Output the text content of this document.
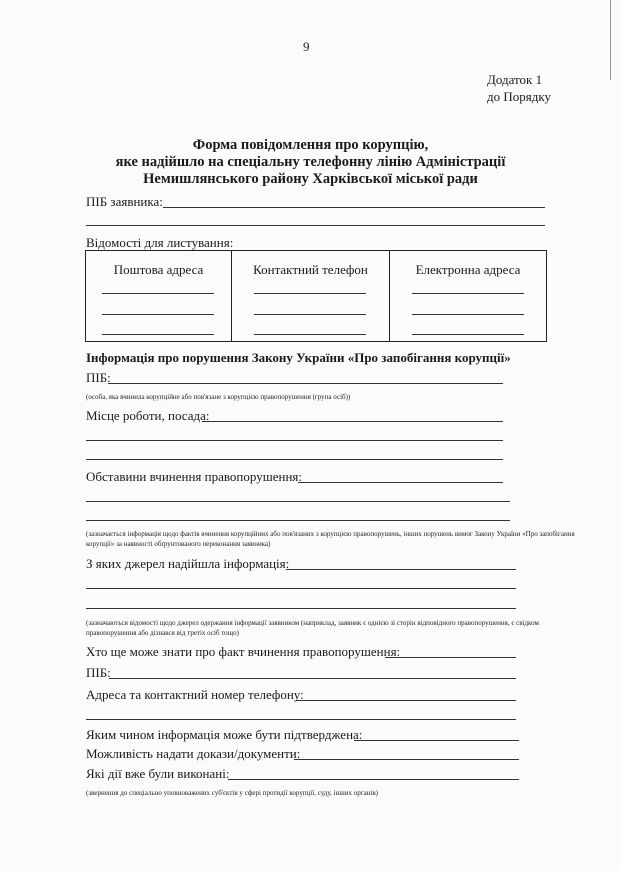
9
Додаток 1
до Порядку
Форма повідомлення про корупцію,
яке надійшло на спеціальну телефонну лінію Адміністрації
Немишлянського району Харківської міської ради
ПІБ заявника:
Відомості для листування:
Поштова адреса	Контактний телефон	Електронна адреса
Інформація про порушення Закону України «Про запобігання корупції»
ПІБ:
(особа, яка вчинила корупційне або пов'язане з корупцією правопорушення (група осіб))
Місце роботи, посада:
Обставини вчинення правопорушення:
(зазначається інформація щодо фактів вчинення корупційних або пов'язаних з корупцією правопорушень, інших порушень вимог Закону України «Про запобігання корупції» за наявності обґрунтованого переконання заявника)
З яких джерел надійшла інформація:
(зазначаються відомості щодо джерел одержання інформації заявником (наприклад, заявник є однією зі сторін відповідного правопорушення, є свідком правопорушення або дізнався від третіх осіб тощо)
Хто ще може знати про факт вчинення правопорушення:
ПІБ:
Адреса та контактний номер телефону:
Яким чином інформація може бути підтверджена:
Можливість надати докази/документи:
Які дії вже були виконані:
(звернення до спеціально уповноважених суб'єктів у сфері протидії корупції, суду, інших органів)
